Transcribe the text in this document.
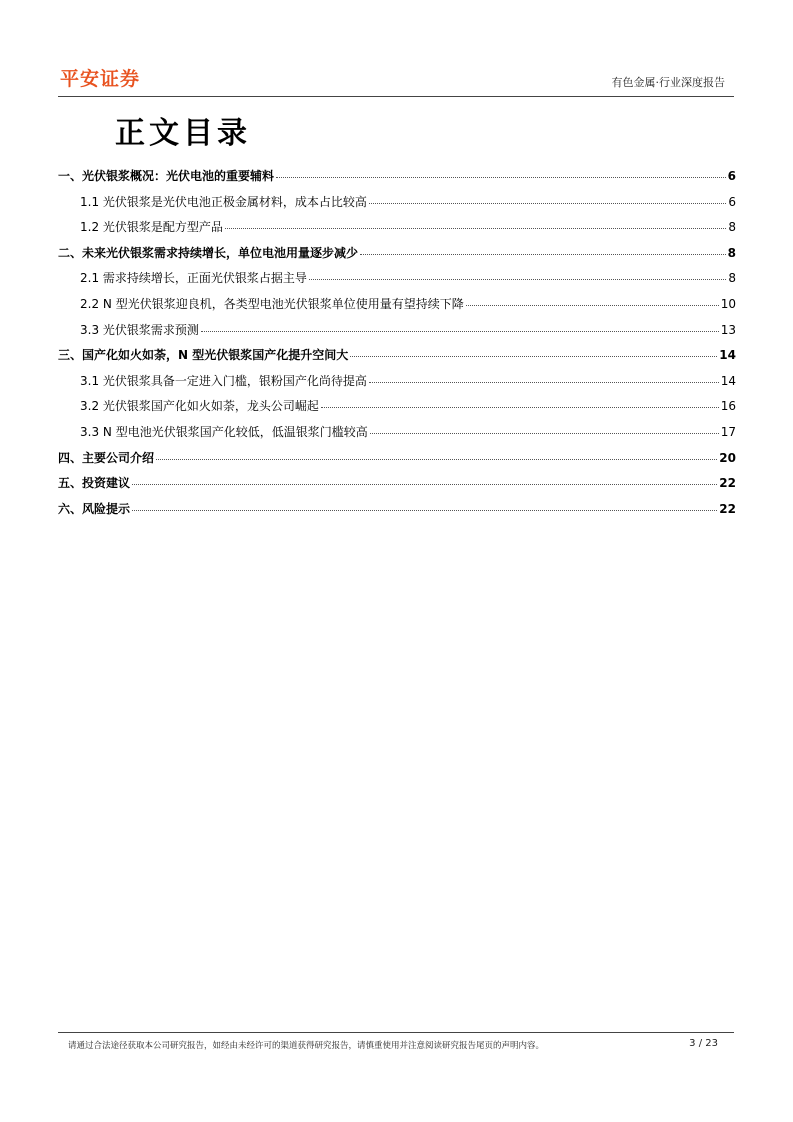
平安证券	有色金属·行业深度报告
正文目录
一、光伏银浆概况：光伏电池的重要辅料	6
1.1 光伏银浆是光伏电池正极金属材料，成本占比较高	6
1.2 光伏银浆是配方型产品	8
二、未来光伏银浆需求持续增长，单位电池用量逐步减少	8
2.1 需求持续增长，正面光伏银浆占据主导	8
2.2 N 型光伏银浆迎良机，各类型电池光伏银浆单位使用量有望持续下降	10
3.3 光伏银浆需求预测	13
三、国产化如火如荼，N 型光伏银浆国产化提升空间大	14
3.1 光伏银浆具备一定进入门槛，银粉国产化尚待提高	14
3.2 光伏银浆国产化如火如荼，龙头公司崛起	16
3.3 N 型电池光伏银浆国产化较低，低温银浆门槛较高	17
四、主要公司介绍	20
五、投资建议	22
六、风险提示	22
请通过合法途径获取本公司研究报告，如经由未经许可的渠道获得研究报告，请慎重使用并注意阅读研究报告尾页的声明内容。	3 / 23
